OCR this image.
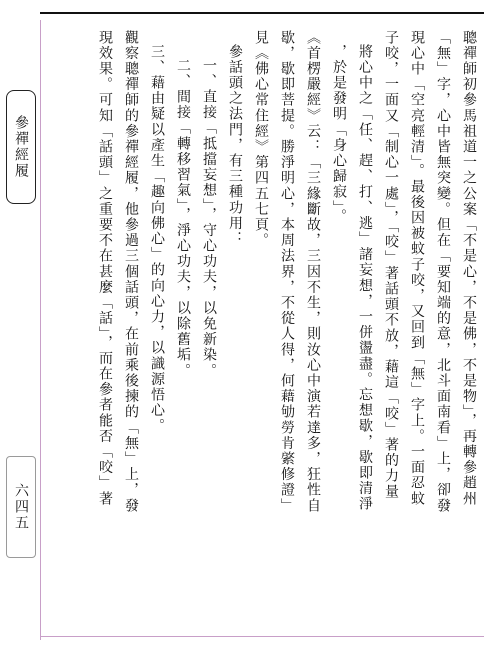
參禪經履
六四五
聰禪師初參馬祖道一之公案「不是心，不是佛，不是物」，再轉參趙州
「無」字，心中皆無突變。但在「要知端的意，北斗面南看」上，卻發
現心中「空亮輕清」。最後因被蚊子咬，又回到「無」字上。一面忍蚊
子咬，一面又「制心一處」，「咬」著話頭不放，藉這「咬」著的力量
將心中之「任、趕、打、逃」諸妄想，一併盪盡。忘想歇，歇即清淨
，於是發明「身心歸寂」。
《首楞嚴經》云：「三緣斷故，三因不生，則汝心中演若達多，狂性自
歇，歇即菩提。勝淨明心，本周法界，不從人得，何藉劬勞肯綮修證」
見《佛心常住經》第四五七頁。
參話頭之法門，有三種功用：
一、直接「抵擋妄想」，守心功夫，以免新染。
二、間接「轉移習氣」，淨心功夫，以除舊垢。
三、藉由疑以產生「趣向佛心」的向心力，以識源悟心。
觀察聰禪師的參禪經履，他參過三個話頭，在前乘後揀的「無」上，發
現效果。可知「話頭」之重要不在甚麼「話」，而在參者能否「咬」著
